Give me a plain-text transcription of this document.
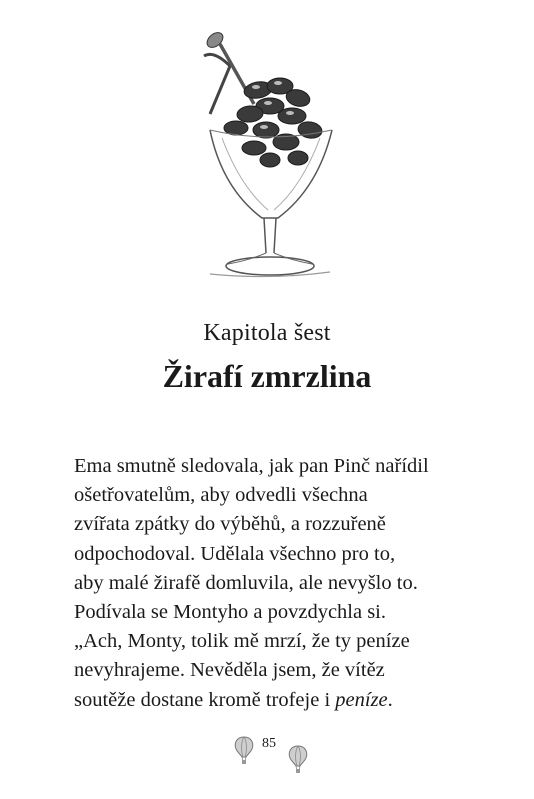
Kapitola šest
Žirafí zmrzlina
Ema smutně sledovala, jak pan Pinč nařídil
ošetřovatelům, aby odvedli všechna
zvířata zpátky do výběhů, a rozzuřeně
odpochodoval. Udělala všechno pro to,
aby malé žirafě domluvila, ale nevyšlo to.
Podívala se Montyho a povzdychla si.
„Ach, Monty, tolik mě mrzí, že ty peníze
nevyhrajeme. Nevěděla jsem, že vítěz
soutěže dostane kromě trofeje i peníze.
85
